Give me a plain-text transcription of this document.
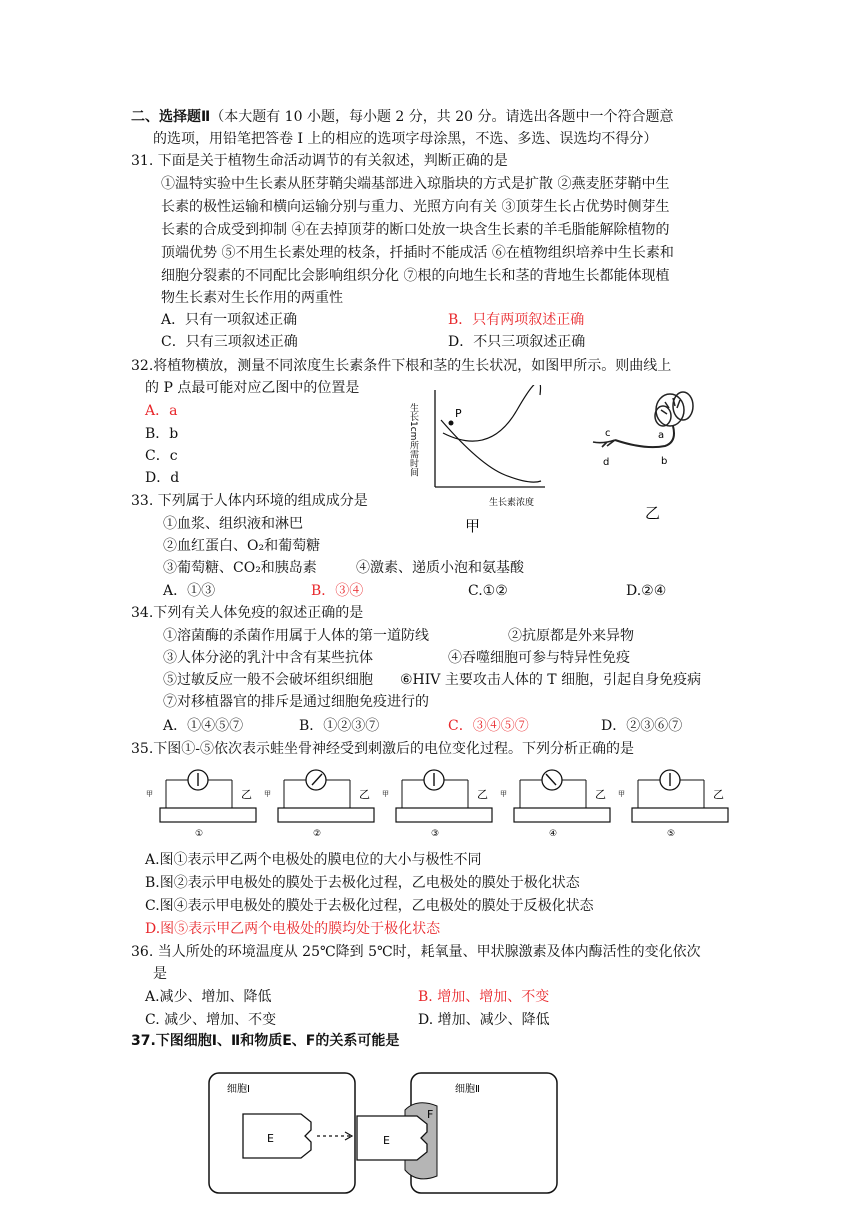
二、选择题Ⅱ（本大题有 10 小题，每小题 2 分，共 20 分。请选出各题中一个符合题意
的选项，用铅笔把答卷 I 上的相应的选项字母涂黑，不选、多选、误选均不得分）
31. 下面是关于植物生命活动调节的有关叙述，判断正确的是
①温特实验中生长素从胚芽鞘尖端基部进入琼脂块的方式是扩散 ②燕麦胚芽鞘中生
长素的极性运输和横向运输分别与重力、光照方向有关 ③顶芽生长占优势时侧芽生
长素的合成受到抑制 ④在去掉顶芽的断口处放一块含生长素的羊毛脂能解除植物的
顶端优势 ⑤不用生长素处理的枝条，扦插时不能成活 ⑥在植物组织培养中生长素和
细胞分裂素的不同配比会影响组织分化 ⑦根的向地生长和茎的背地生长都能体现植
物生长素对生长作用的两重性
A．只有一项叙述正确	B．只有两项叙述正确
C．只有三项叙述正确	D．不只三项叙述正确
32.将植物横放，测量不同浓度生长素条件下根和茎的生长状况，如图甲所示。则曲线上
的 P 点最可能对应乙图中的位置是
A．a
B．b
C．c
D．d
生长1cm所需时间	P
生长素浓度
甲
c	a
d	b
乙
33. 下列属于人体内环境的组成成分是
①血浆、组织液和淋巴
②血红蛋白、O₂和葡萄糖
③葡萄糖、CO₂和胰岛素	④激素、递质小泡和氨基酸
A．①③	B．③④	C.①②	D.②④
34.下列有关人体免疫的叙述正确的是
①溶菌酶的杀菌作用属于人体的第一道防线	②抗原都是外来异物
③人体分泌的乳汁中含有某些抗体	④吞噬细胞可参与特异性免疫
⑤过敏反应一般不会破坏组织细胞 ⑥HIV 主要攻击人体的 T 细胞，引起自身免疫病
⑦对移植器官的排斥是通过细胞免疫进行的
A．①④⑤⑦	B．①②③⑦	C．③④⑤⑦	D．②③⑥⑦
35.下图①-⑤依次表示蛙坐骨神经受到刺激后的电位变化过程。下列分析正确的是
甲	乙
①
甲	乙
②
甲	乙
③
甲	乙
④
甲	乙
⑤
A.图①表示甲乙两个电极处的膜电位的大小与极性不同
B.图②表示甲电极处的膜处于去极化过程，乙电极处的膜处于极化状态
C.图④表示甲电极处的膜处于去极化过程，乙电极处的膜处于反极化状态
D.图⑤表示甲乙两个电极处的膜均处于极化状态
36. 当人所处的环境温度从 25℃降到 5℃时，耗氧量、甲状腺激素及体内酶活性的变化依次
是
A.减少、增加、降低	B. 增加、增加、不变
C. 减少、增加、不变	D. 增加、减少、降低
37.下图细胞Ⅰ、Ⅱ和物质E、F的关系可能是
细胞Ⅰ
E
细胞Ⅱ
E
F
